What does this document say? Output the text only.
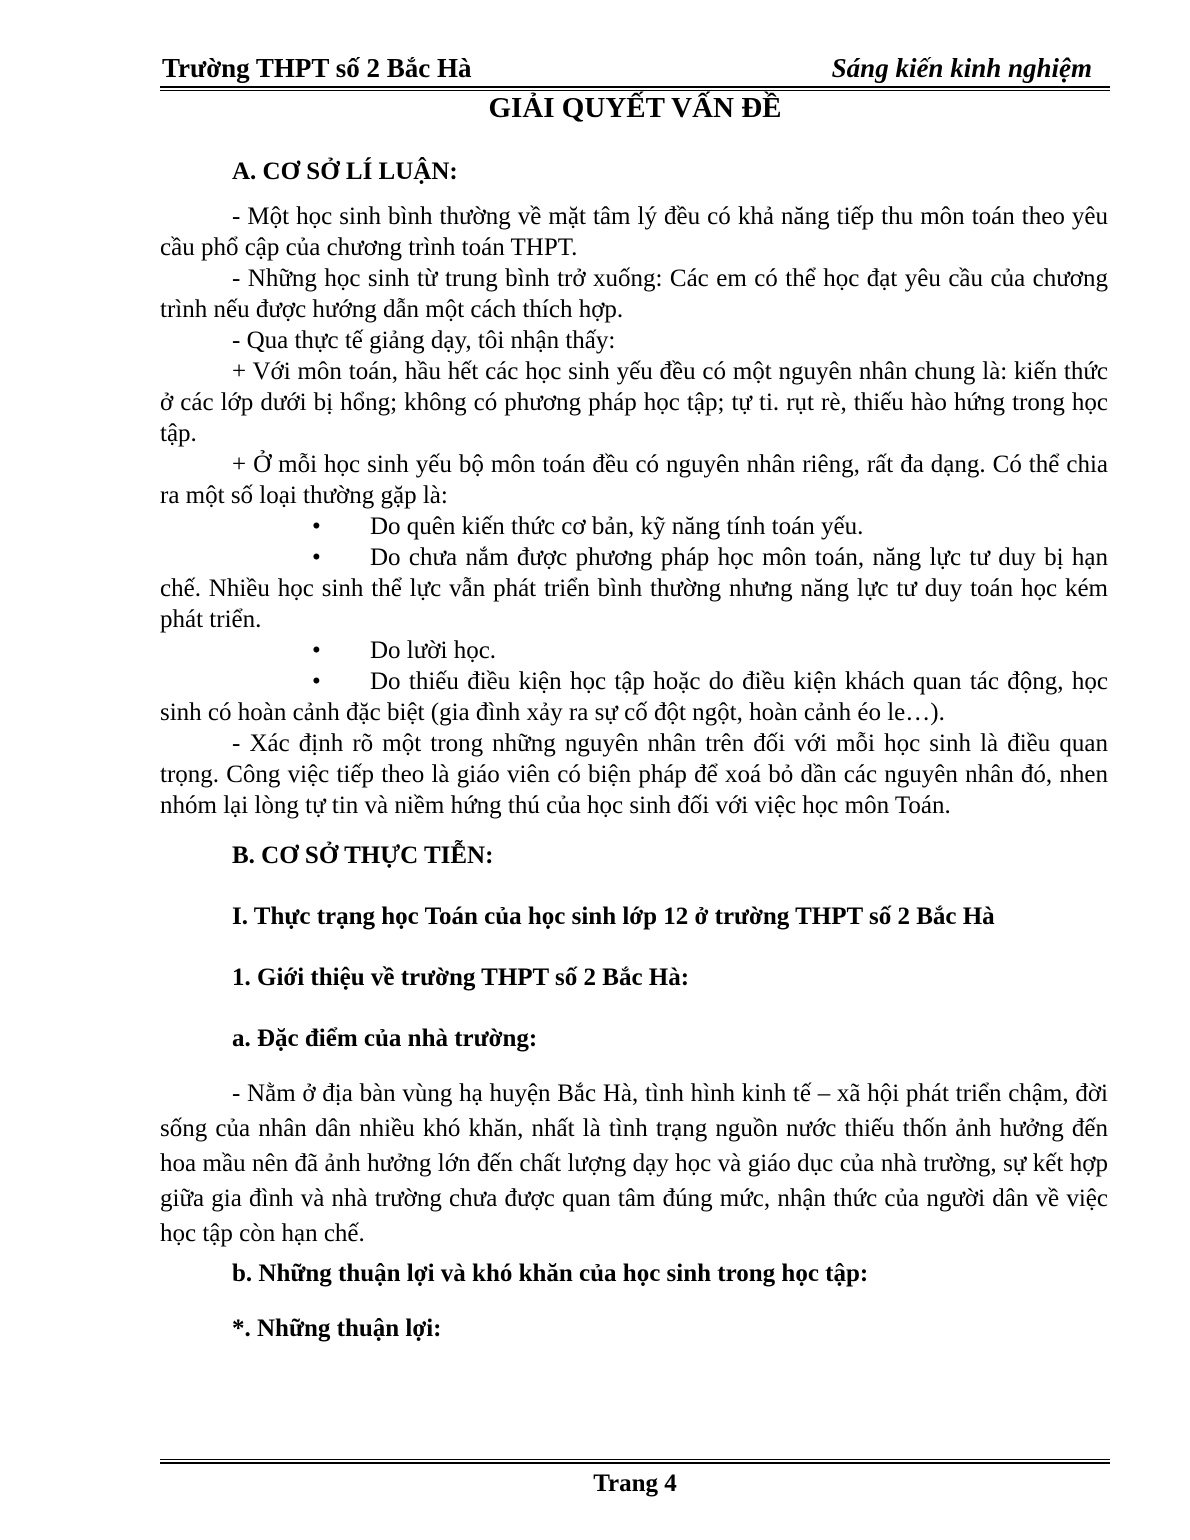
Trường THPT số 2 Bắc Hà	Sáng kiến kinh nghiệm
GIẢI QUYẾT VẤN ĐỀ

A. CƠ SỞ LÍ LUẬN:

- Một học sinh bình thường về mặt tâm lý đều có khả năng tiếp thu môn toán theo yêu cầu phổ cập của chương trình toán THPT.

- Những học sinh từ trung bình trở xuống: Các em có thể học đạt yêu cầu của chương trình nếu được hướng dẫn một cách thích hợp.

- Qua thực tế giảng dạy, tôi nhận thấy:

+ Với môn toán, hầu hết các học sinh yếu đều có một nguyên nhân chung là: kiến thức ở các lớp dưới bị hổng; không có phương pháp học tập; tự ti. rụt rè, thiếu hào hứng trong học tập.

+ Ở mỗi học sinh yếu bộ môn toán đều có nguyên nhân riêng, rất đa dạng. Có thể chia ra một số loại thường gặp là:

• Do quên kiến thức cơ bản, kỹ năng tính toán yếu.

• Do chưa nắm được phương pháp học môn toán, năng lực tư duy bị hạn chế. Nhiều học sinh thể lực vẫn phát triển bình thường nhưng năng lực tư duy toán học kém phát triển.

• Do lười học.

• Do thiếu điều kiện học tập hoặc do điều kiện khách quan tác động, học sinh có hoàn cảnh đặc biệt (gia đình xảy ra sự cố đột ngột, hoàn cảnh éo le…).

- Xác định rõ một trong những nguyên nhân trên đối với mỗi học sinh là điều quan trọng. Công việc tiếp theo là giáo viên có biện pháp để xoá bỏ dần các nguyên nhân đó, nhen nhóm lại lòng tự tin và niềm hứng thú của học sinh đối với việc học môn Toán.

B. CƠ SỞ THỰC TIỄN:

I. Thực trạng học Toán của học sinh lớp 12 ở trường THPT số 2 Bắc Hà

1. Giới thiệu về trường THPT số 2 Bắc Hà:

a. Đặc điểm của nhà trường:

- Nằm ở địa bàn vùng hạ huyện Bắc Hà, tình hình kinh tế – xã hội phát triển chậm, đời sống của nhân dân nhiều khó khăn, nhất là tình trạng nguồn nước thiếu thốn ảnh hưởng đến hoa mầu nên đã ảnh hưởng lớn đến chất lượng dạy học và giáo dục của nhà trường, sự kết hợp giữa gia đình và nhà trường chưa được quan tâm đúng mức, nhận thức của người dân về việc học tập còn hạn chế.

b. Những thuận lợi và khó khăn của học sinh trong học tập:

*. Những thuận lợi:

Trang 4
